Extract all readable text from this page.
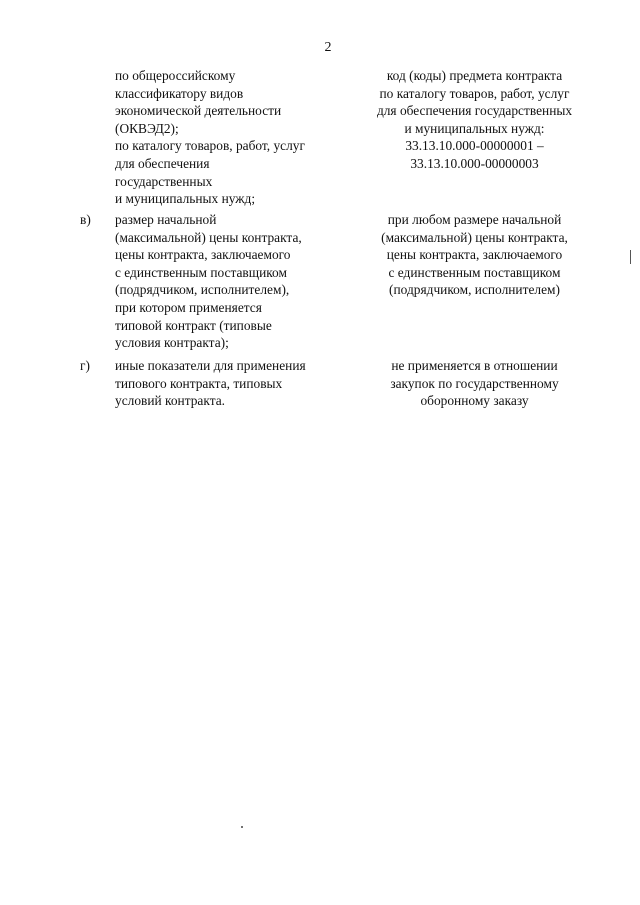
2
по общероссийскому
классификатору видов
экономической деятельности
(ОКВЭД2);
по каталогу товаров, работ, услуг
для обеспечения
государственных
и муниципальных нужд;
код (коды) предмета контракта
по каталогу товаров, работ, услуг
для обеспечения государственных
и муниципальных нужд:
33.13.10.000-00000001 –
33.13.10.000-00000003
в)	размер начальной
(максимальной) цены контракта,
цены контракта, заключаемого
с единственным поставщиком
(подрядчиком, исполнителем),
при котором применяется
типовой контракт (типовые
условия контракта);
при любом размере начальной
(максимальной) цены контракта,
цены контракта, заключаемого
с единственным поставщиком
(подрядчиком, исполнителем)
г)	иные показатели для применения
типового контракта, типовых
условий контракта.
не применяется в отношении
закупок по государственному
оборонному заказу
